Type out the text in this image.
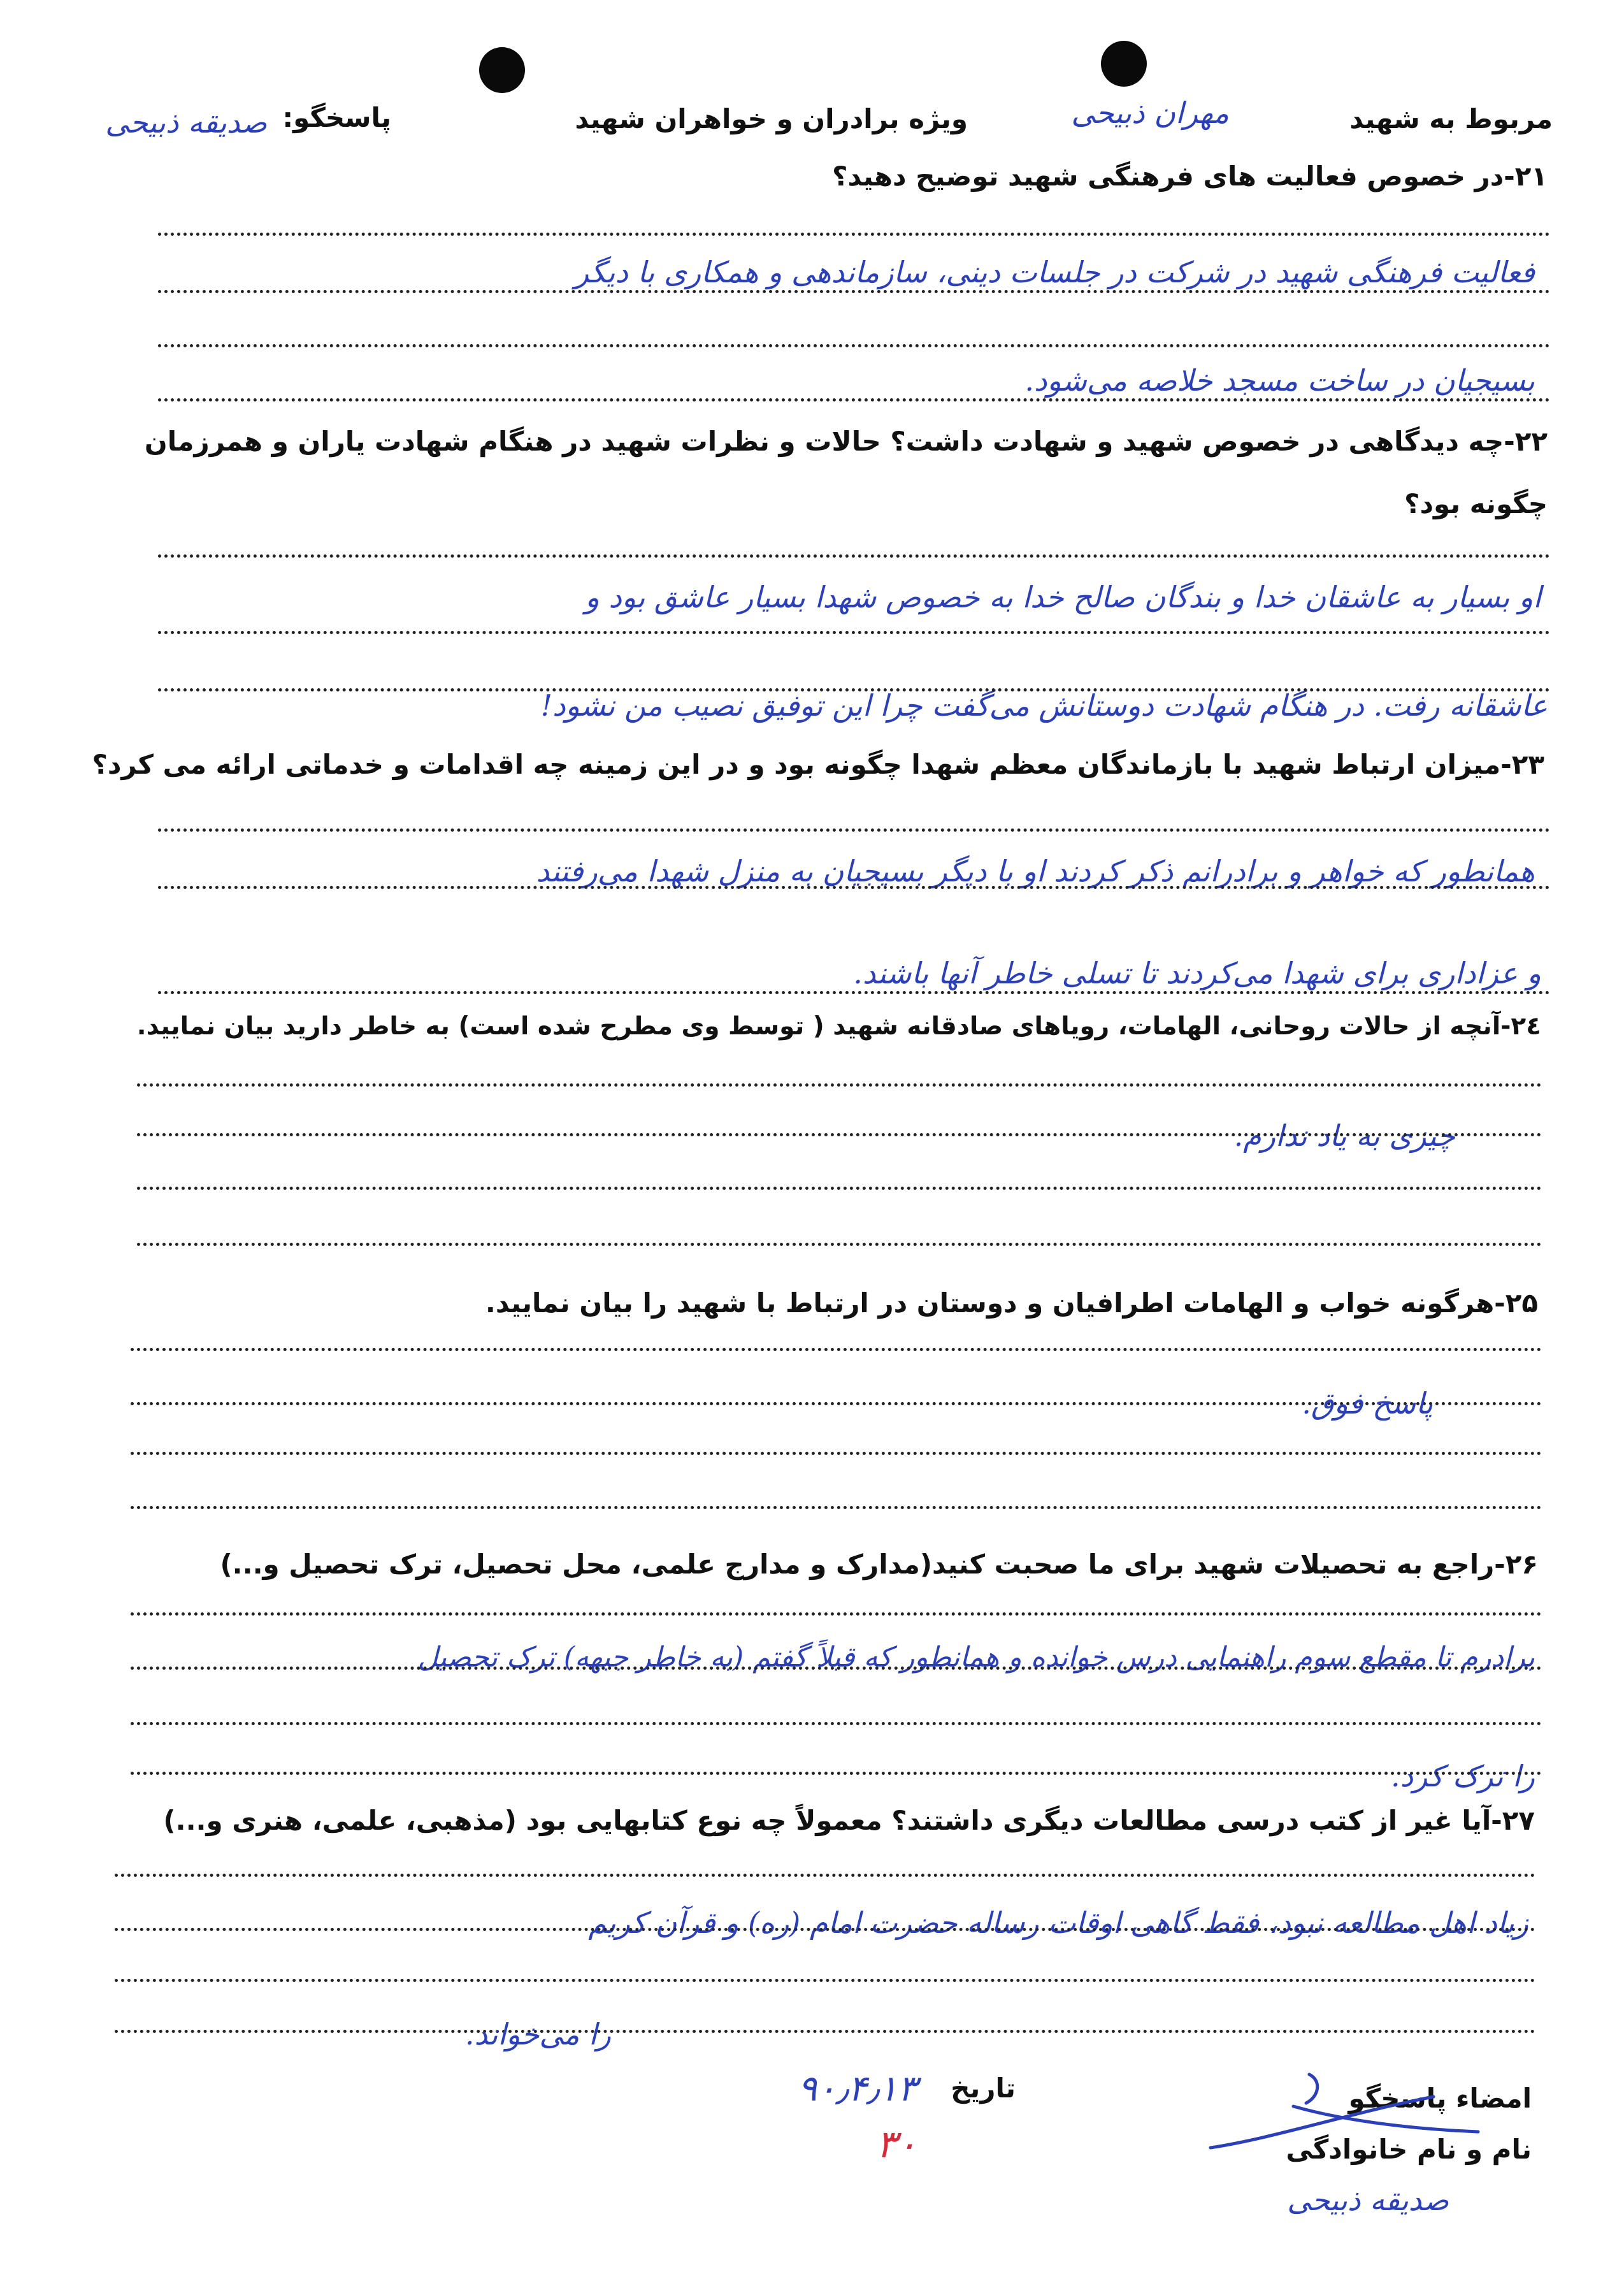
مربوط به شهید
مهران ذبیحی
ویژه برادران و خواهران شهید
پاسخگو:
صدیقه ذبیحی
۲۱-در خصوص فعالیت های فرهنگی شهید توضیح دهید؟
فعالیت فرهنگی شهید در شرکت در جلسات دینی، سازماندهی و همکاری با دیگر
بسیجیان در ساخت مسجد خلاصه می‌شود.
۲۲-چه دیدگاهی در خصوص شهید و شهادت داشت؟ حالات و نظرات شهید در هنگام شهادت یاران و همرزمان
چگونه بود؟
او بسیار به عاشقان خدا و بندگان صالح خدا به خصوص شهدا بسیار عاشق بود و
عاشقانه رفت. در هنگام شهادت دوستانش می‌گفت چرا این توفیق نصیب من نشود!
۲۳-میزان ارتباط شهید با بازماندگان معظم شهدا چگونه بود و در این زمینه چه اقدامات و خدماتی ارائه می کرد؟
همانطور که خواهر و برادرانم ذکر کردند او با دیگر بسیجیان به منزل شهدا می‌رفتند
و عزاداری برای شهدا می‌کردند تا تسلی خاطر آنها باشند.
۲٤-آنچه از حالات روحانی، الهامات، رویاهای صادقانه شهید ( توسط وی مطرح شده است) به خاطر دارید بیان نمایید.
چیزی به یاد ندارم.
۲۵-هرگونه خواب و الهامات اطرافیان و دوستان در ارتباط با شهید را بیان نمایید.
پاسخ فوق.
۲۶-راجع به تحصیلات شهید برای ما صحبت کنید(مدارک و مدارج علمی، محل تحصیل، ترک تحصیل و...)
برادرم تا مقطع سوم راهنمایی درس خوانده و همانطور که قبلاً گفتم (به خاطر جبهه) ترک تحصیل
را ترک کرد.
۲۷-آیا غیر از کتب درسی مطالعات دیگری داشتند؟ معمولاً چه نوع کتابهایی بود (مذهبی، علمی، هنری و...)
زیاد اهل مطالعه نبود، فقط گاهی اوقات رساله حضرت امام (ره) و قرآن کریم
را می‌خواند.
تاریخ
۹۰٫۴٫۱۳
۳۰
امضاء پاسخگو
نام و نام خانوادگی
صدیقه ذبیحی
